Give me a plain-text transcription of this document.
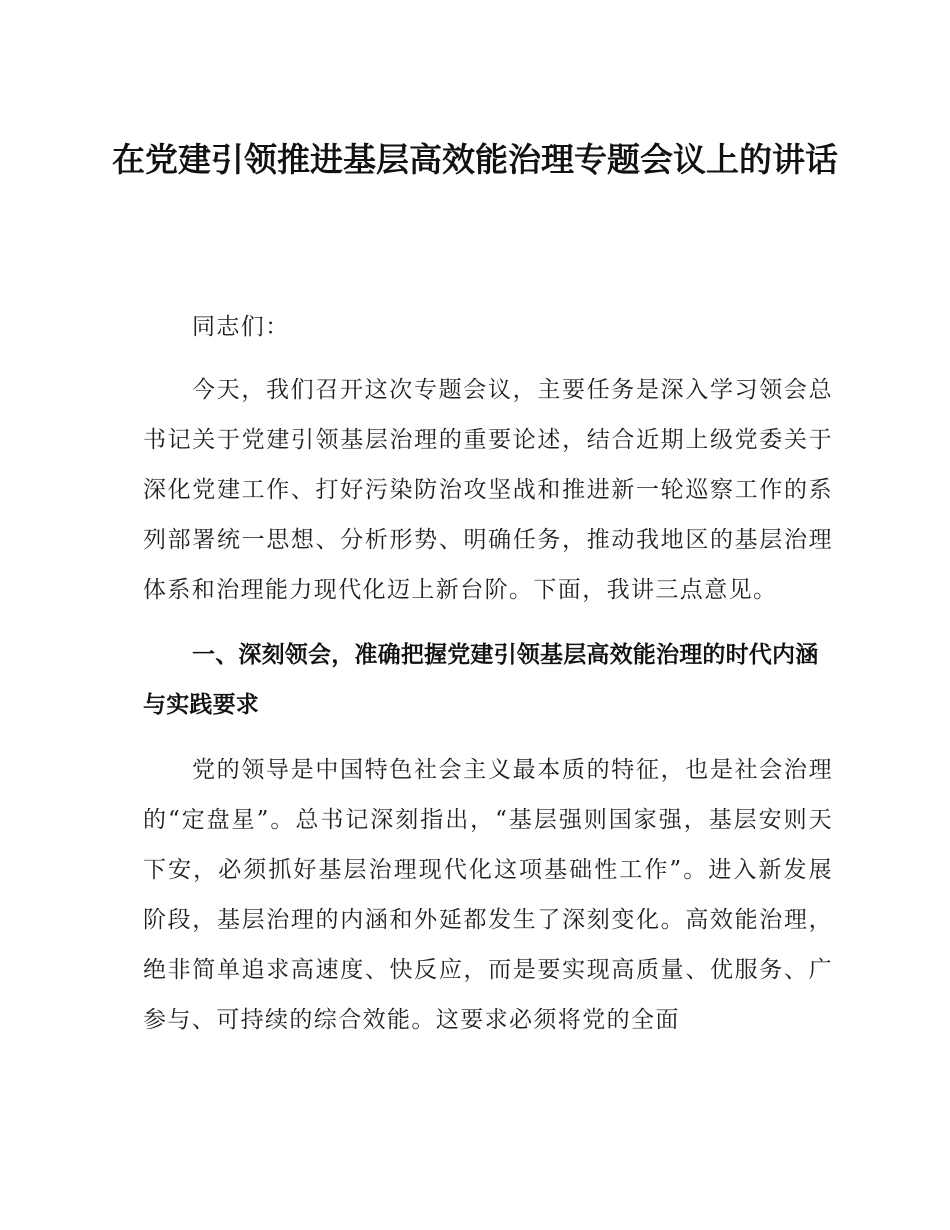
在党建引领推进基层高效能治理专题会议上的讲话

同志们：

今天，我们召开这次专题会议，主要任务是深入学习领会总书记关于党建引领基层治理的重要论述，结合近期上级党委关于深化党建工作、打好污染防治攻坚战和推进新一轮巡察工作的系列部署统一思想、分析形势、明确任务，推动我地区的基层治理体系和治理能力现代化迈上新台阶。下面，我讲三点意见。

一、深刻领会，准确把握党建引领基层高效能治理的时代内涵与实践要求

党的领导是中国特色社会主义最本质的特征，也是社会治理的“定盘星”。总书记深刻指出，“基层强则国家强，基层安则天下安，必须抓好基层治理现代化这项基础性工作”。进入新发展阶段，基层治理的内涵和外延都发生了深刻变化。高效能治理，绝非简单追求高速度、快反应，而是要实现高质量、优服务、广参与、可持续的综合效能。这要求必须将党的全面
